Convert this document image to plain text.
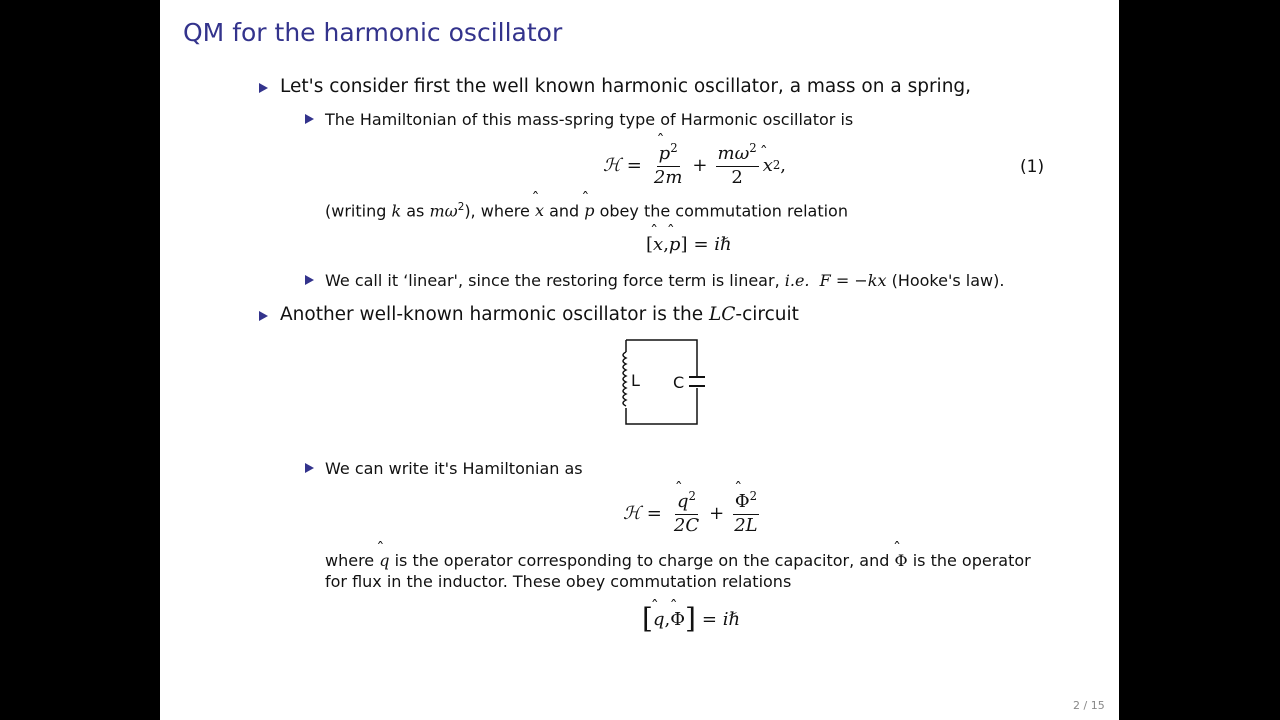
QM for the harmonic oscillator
Let's consider first the well known harmonic oscillator, a mass on a spring,
The Hamiltonian of this mass-spring type of Harmonic oscillator is
ℋ = ̂ $\frac{p^2}{2m} + \frac{m\omega^2}{2}$ ̂ x 2 ,	(1)
(writing k as $m\omega^2$), where ̂ x and ̂ p obey the commutation relation
[ ̂ x , ̂ p ] = iℏ
We call it ‘linear', since the restoring force term is linear, i.e. F = −kx (Hooke's law).
Another well-known harmonic oscillator is the LC-circuit
L C
We can write it's Hamiltonian as
ℋ = ̂ $\frac{q^2}{2C}$ + ̂ $\frac{\Phi^2}{2L}$
where ̂ q is the operator corresponding to charge on the capacitor, and ̂ Φ is the operator
for flux in the inductor. These obey commutation relations
[ ̂ q , ̂ Φ ] = iℏ
2 / 15
